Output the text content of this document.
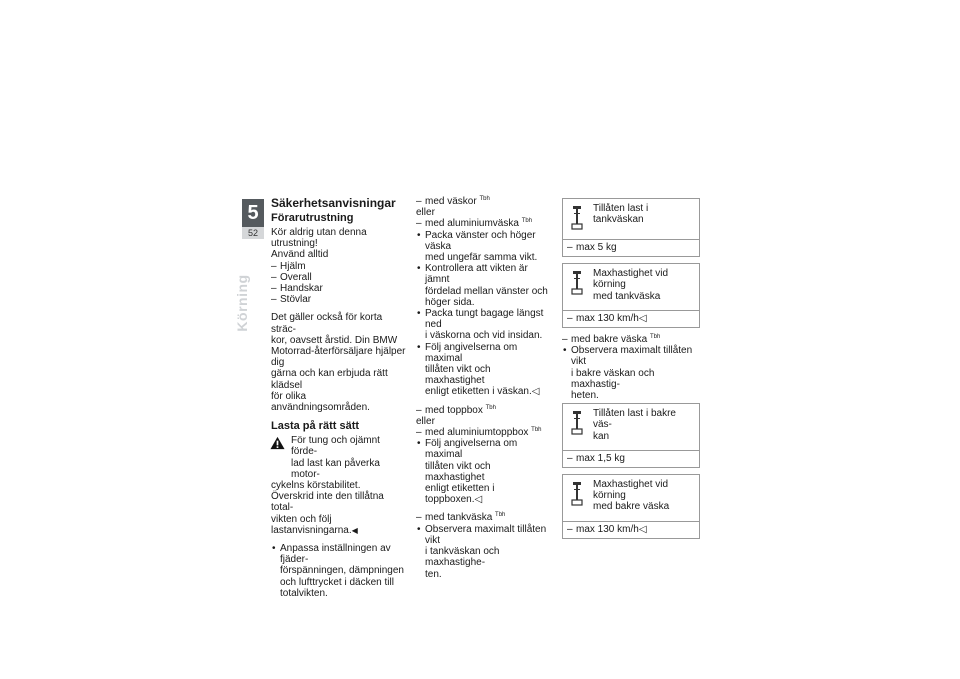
5
52
Körning
Säkerhetsanvisningar
Förarutrustning
Kör aldrig utan denna utrustning!
Använd alltid
– Hjälm
– Overall
– Handskar
– Stövlar
Det gäller också för korta sträc-
kor, oavsett årstid. Din BMW
Motorrad-återförsäljare hjälper dig
gärna och kan erbjuda rätt klädsel
för olika användningsområden.
Lasta på rätt sätt
För tung och ojämnt förde-
lad last kan påverka motor-
cykelns körstabilitet.
Överskrid inte den tillåtna total-
vikten och följ lastanvisningarna.◀
• Anpassa inställningen av fjäder-
förspänningen, dämpningen
och lufttrycket i däcken till
totalvikten.
– med väskor $^{Tbh}$
eller
– med aluminiumväska $^{Tbh}$
• Packa vänster och höger väska
med ungefär samma vikt.
• Kontrollera att vikten är jämnt
fördelad mellan vänster och
höger sida.
• Packa tungt bagage längst ned
i väskorna och vid insidan.
• Följ angivelserna om maximal
tillåten vikt och maxhastighet
enligt etiketten i väskan.◁
– med toppbox $^{Tbh}$
eller
– med aluminiumtoppbox $^{Tbh}$
• Följ angivelserna om maximal
tillåten vikt och maxhastighet
enligt etiketten i toppboxen.◁
– med tankväska $^{Tbh}$
• Observera maximalt tillåten vikt
i tankväskan och maxhastighe-
ten.
Tillåten last i tankväskan

– max 5 kg
Maxhastighet vid körning
med tankväska

– max 130 km/h◁
– med bakre väska $^{Tbh}$
• Observera maximalt tillåten vikt
i bakre väskan och maxhastig-
heten.
Tillåten last i bakre väs-
kan

– max 1,5 kg
Maxhastighet vid körning
med bakre väska

– max 130 km/h◁
